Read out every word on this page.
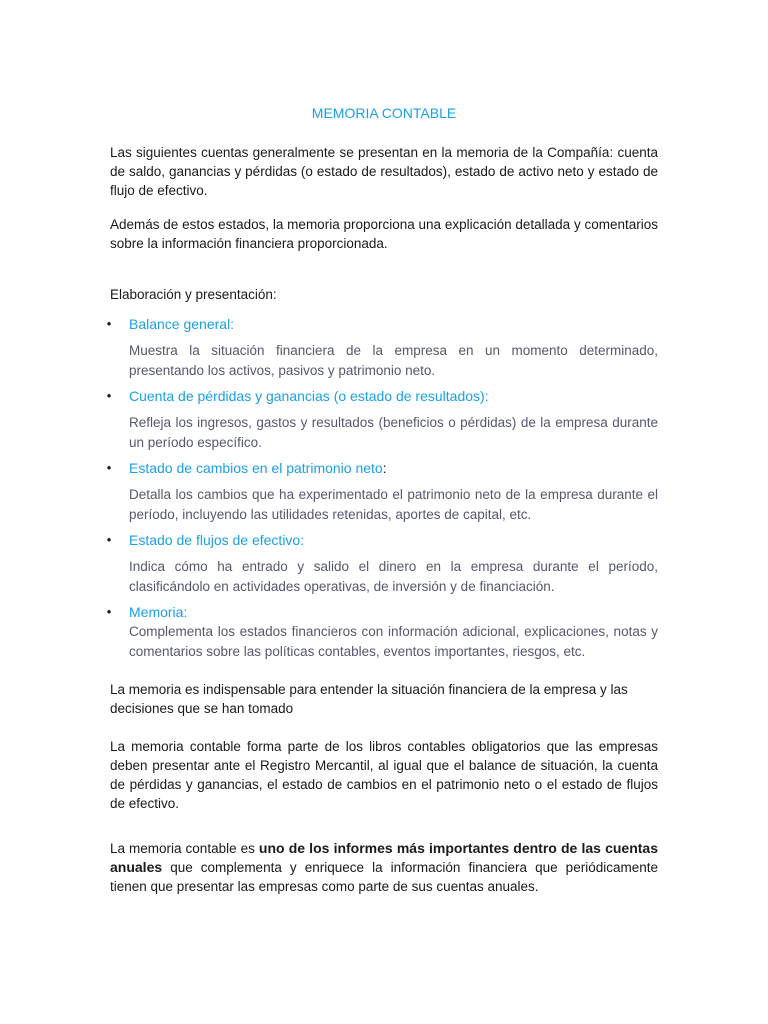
MEMORIA CONTABLE

Las siguientes cuentas generalmente se presentan en la memoria de la Compañía: cuenta de saldo, ganancias y pérdidas (o estado de resultados), estado de activo neto y estado de flujo de efectivo.

Además de estos estados, la memoria proporciona una explicación detallada y comentarios sobre la información financiera proporcionada.

Elaboración y presentación:

• Balance general:
Muestra la situación financiera de la empresa en un momento determinado, presentando los activos, pasivos y patrimonio neto.
• Cuenta de pérdidas y ganancias (o estado de resultados):
Refleja los ingresos, gastos y resultados (beneficios o pérdidas) de la empresa durante un período específico.
• Estado de cambios en el patrimonio neto:
Detalla los cambios que ha experimentado el patrimonio neto de la empresa durante el período, incluyendo las utilidades retenidas, aportes de capital, etc.
• Estado de flujos de efectivo:
Indica cómo ha entrado y salido el dinero en la empresa durante el período, clasificándolo en actividades operativas, de inversión y de financiación.
• Memoria:
Complementa los estados financieros con información adicional, explicaciones, notas y comentarios sobre las políticas contables, eventos importantes, riesgos, etc.

La memoria es indispensable para entender la situación financiera de la empresa y las decisiones que se han tomado

La memoria contable forma parte de los libros contables obligatorios que las empresas deben presentar ante el Registro Mercantil, al igual que el balance de situación, la cuenta de pérdidas y ganancias, el estado de cambios en el patrimonio neto o el estado de flujos de efectivo.

La memoria contable es uno de los informes más importantes dentro de las cuentas anuales que complementa y enriquece la información financiera que periódicamente tienen que presentar las empresas como parte de sus cuentas anuales.
